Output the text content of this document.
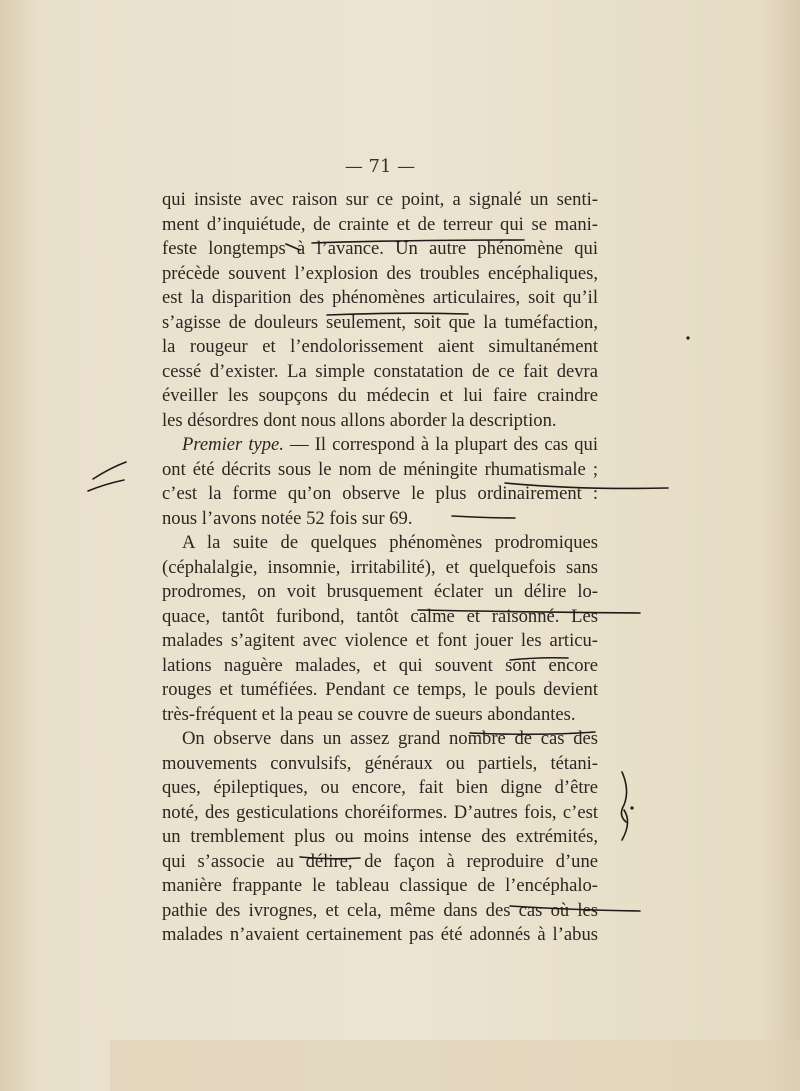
— 71 —
qui insiste avec raison sur ce point, a signalé un senti-
ment d’inquiétude, de crainte et de terreur qui se mani-
feste longtemps à l’avance. Un autre phénomène qui
précède souvent l’explosion des troubles encéphaliques,
est la disparition des phénomènes articulaires, soit qu’il
s’agisse de douleurs seulement, soit que la tuméfaction,
la rougeur et l’endolorissement aient simultanément
cessé d’exister. La simple constatation de ce fait devra
éveiller les soupçons du médecin et lui faire craindre
les désordres dont nous allons aborder la description.
Premier type. — Il correspond à la plupart des cas qui
ont été décrits sous le nom de méningite rhumatismale ;
c’est la forme qu’on observe le plus ordinairement :
nous l’avons notée 52 fois sur 69.
A la suite de quelques phénomènes prodromiques
(céphalalgie, insomnie, irritabilité), et quelquefois sans
prodromes, on voit brusquement éclater un délire lo-
quace, tantôt furibond, tantôt calme et raisonné. Les
malades s’agitent avec violence et font jouer les articu-
lations naguère malades, et qui souvent sont encore
rouges et tuméfiées. Pendant ce temps, le pouls devient
très-fréquent et la peau se couvre de sueurs abondantes.
On observe dans un assez grand nombre de cas des
mouvements convulsifs, généraux ou partiels, tétani-
ques, épileptiques, ou encore, fait bien digne d’être
noté, des gesticulations choréiformes. D’autres fois, c’est
un tremblement plus ou moins intense des extrémités,
qui s’associe au délire, de façon à reproduire d’une
manière frappante le tableau classique de l’encéphalo-
pathie des ivrognes, et cela, même dans des cas où les
malades n’avaient certainement pas été adonnés à l’abus
